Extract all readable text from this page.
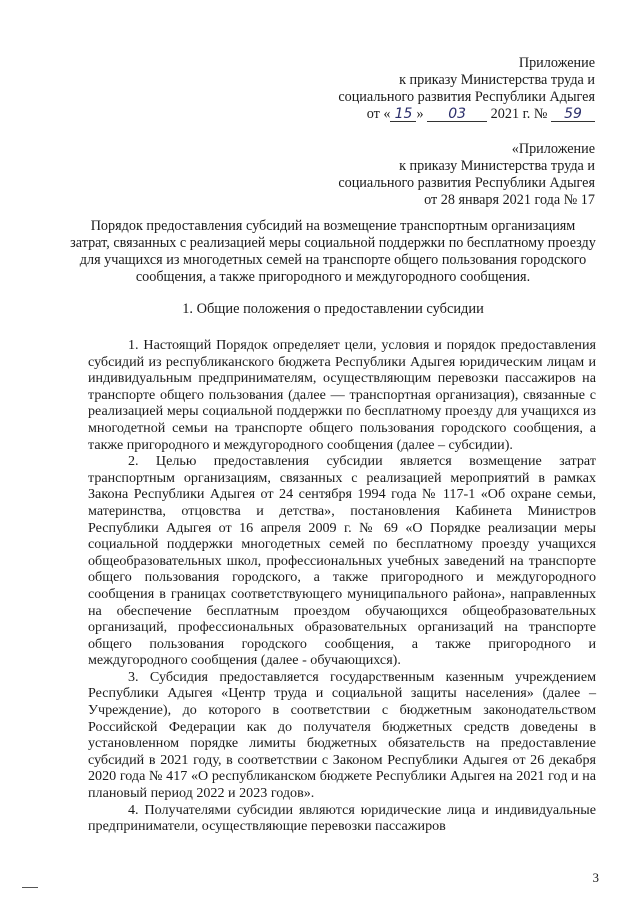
Приложение
к приказу Министерства труда и
социального развития Республики Адыгея
от « 15 » 03 2021 г. № 59
«Приложение
к приказу Министерства труда и
социального развития Республики Адыгея
от 28 января 2021 года № 17
Порядок предоставления субсидий на возмещение транспортным организациям затрат, связанных с реализацией меры социальной поддержки по бесплатному проезду для учащихся из многодетных семей на транспорте общего пользования городского сообщения, а также пригородного и междугородного сообщения.
1. Общие положения о предоставлении субсидии

1. Настоящий Порядок определяет цели, условия и порядок предоставления субсидий из республиканского бюджета Республики Адыгея юридическим лицам и индивидуальным предпринимателям, осуществляющим перевозки пассажиров на транспорте общего пользования (далее — транспортная организация), связанные с реализацией меры социальной поддержки по бесплатному проезду для учащихся из многодетной семьи на транспорте общего пользования городского сообщения, а также пригородного и междугородного сообщения (далее – субсидии).

2. Целью предоставления субсидии является возмещение затрат транспортным организациям, связанных с реализацией мероприятий в рамках Закона Республики Адыгея от 24 сентября 1994 года № 117-1 «Об охране семьи, материнства, отцовства и детства», постановления Кабинета Министров Республики Адыгея от 16 апреля 2009 г. № 69 «О Порядке реализации меры социальной поддержки многодетных семей по бесплатному проезду учащихся общеобразовательных школ, профессиональных учебных заведений на транспорте общего пользования городского, а также пригородного и междугородного сообщения в границах соответствующего муниципального района», направленных на обеспечение бесплатным проездом обучающихся общеобразовательных организаций, профессиональных образовательных организаций на транспорте общего пользования городского сообщения, а также пригородного и междугородного сообщения (далее - обучающихся).

3. Субсидия предоставляется государственным казенным учреждением Республики Адыгея «Центр труда и социальной защиты населения» (далее – Учреждение), до которого в соответствии с бюджетным законодательством Российской Федерации как до получателя бюджетных средств доведены в установленном порядке лимиты бюджетных обязательств на предоставление субсидий в 2021 году, в соответствии с Законом Республики Адыгея от 26 декабря 2020 года № 417 «О республиканском бюджете Республики Адыгея на 2021 год и на плановый период 2022 и 2023 годов».

4. Получателями субсидии являются юридические лица и индивидуальные предприниматели, осуществляющие перевозки пассажиров

3
